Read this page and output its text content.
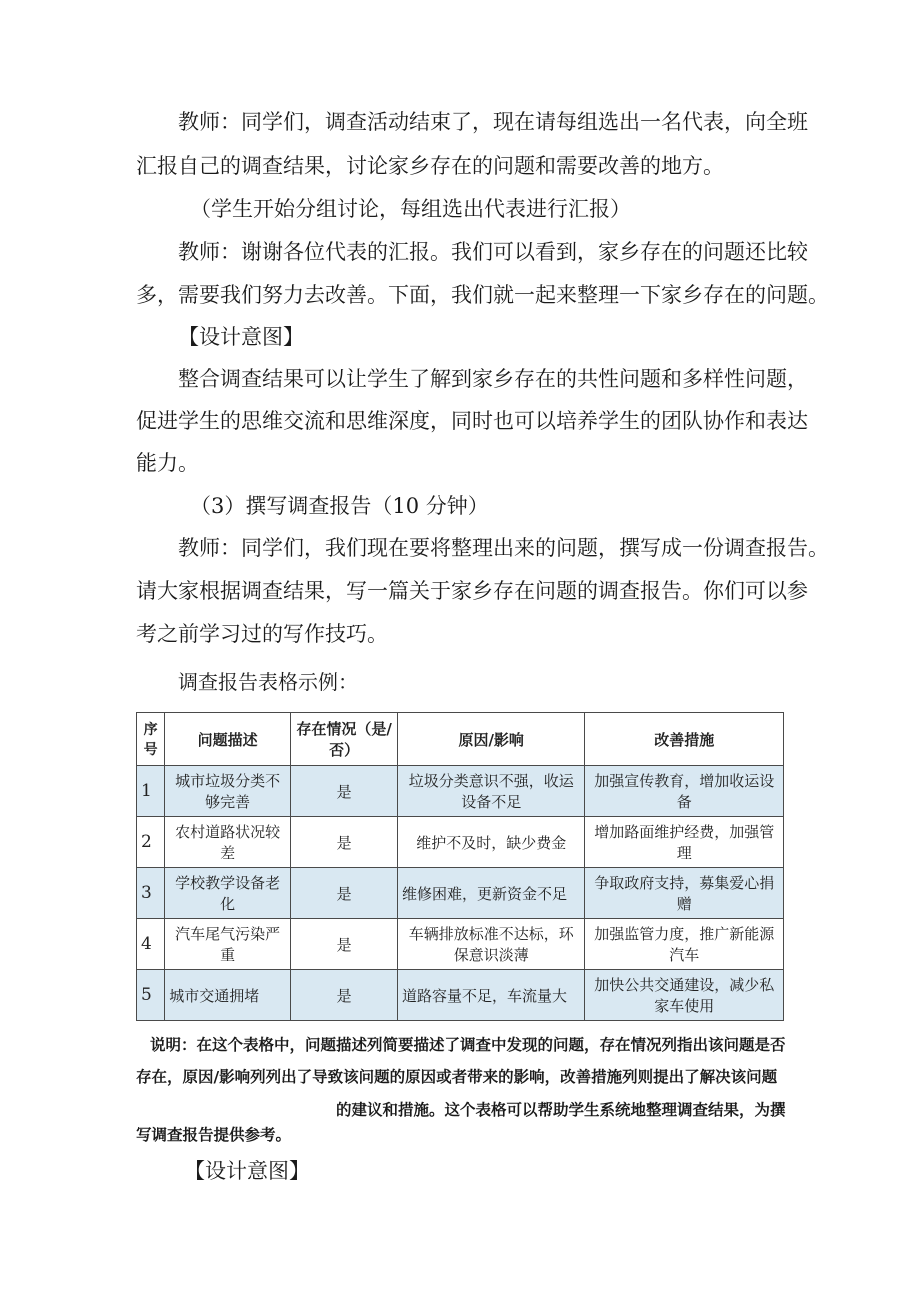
教师：同学们，调查活动结束了，现在请每组选出一名代表，向全班
汇报自己的调查结果，讨论家乡存在的问题和需要改善的地方。
（学生开始分组讨论，每组选出代表进行汇报）
教师：谢谢各位代表的汇报。我们可以看到，家乡存在的问题还比较
多，需要我们努力去改善。下面，我们就一起来整理一下家乡存在的问题。
【设计意图】
整合调查结果可以让学生了解到家乡存在的共性问题和多样性问题，
促进学生的思维交流和思维深度，同时也可以培养学生的团队协作和表达
能力。
（3）撰写调查报告（10 分钟）
教师：同学们，我们现在要将整理出来的问题，撰写成一份调查报告。
请大家根据调查结果，写一篇关于家乡存在问题的调查报告。你们可以参
考之前学习过的写作技巧。
调查报告表格示例：
序号	问题描述	存在情况（是/否）	原因/影响	改善措施
1	城市垃圾分类不够完善	是	垃圾分类意识不强，收运设备不足	加强宣传教育，增加收运设备
2	农村道路状况较差	是	维护不及时，缺少费金	增加路面维护经费，加强管理
3	学校教学设备老化	是	维修困难，更新资金不足	争取政府支持，募集爱心捐赠
4	汽车尾气污染严重	是	车辆排放标准不达标，环保意识淡薄	加强监管力度，推广新能源汽车
5	城市交通拥堵	是	道路容量不足，车流量大	加快公共交通建设，减少私家车使用
说明：在这个表格中，问题描述列简要描述了调查中发现的问题，存在情况列指出该问题是否
存在，原因/影响列列出了导致该问题的原因或者带来的影响，改善措施列则提出了解决该问题
的建议和措施。这个表格可以帮助学生系统地整理调查结果，为撰
写调查报告提供参考。
【设计意图】
